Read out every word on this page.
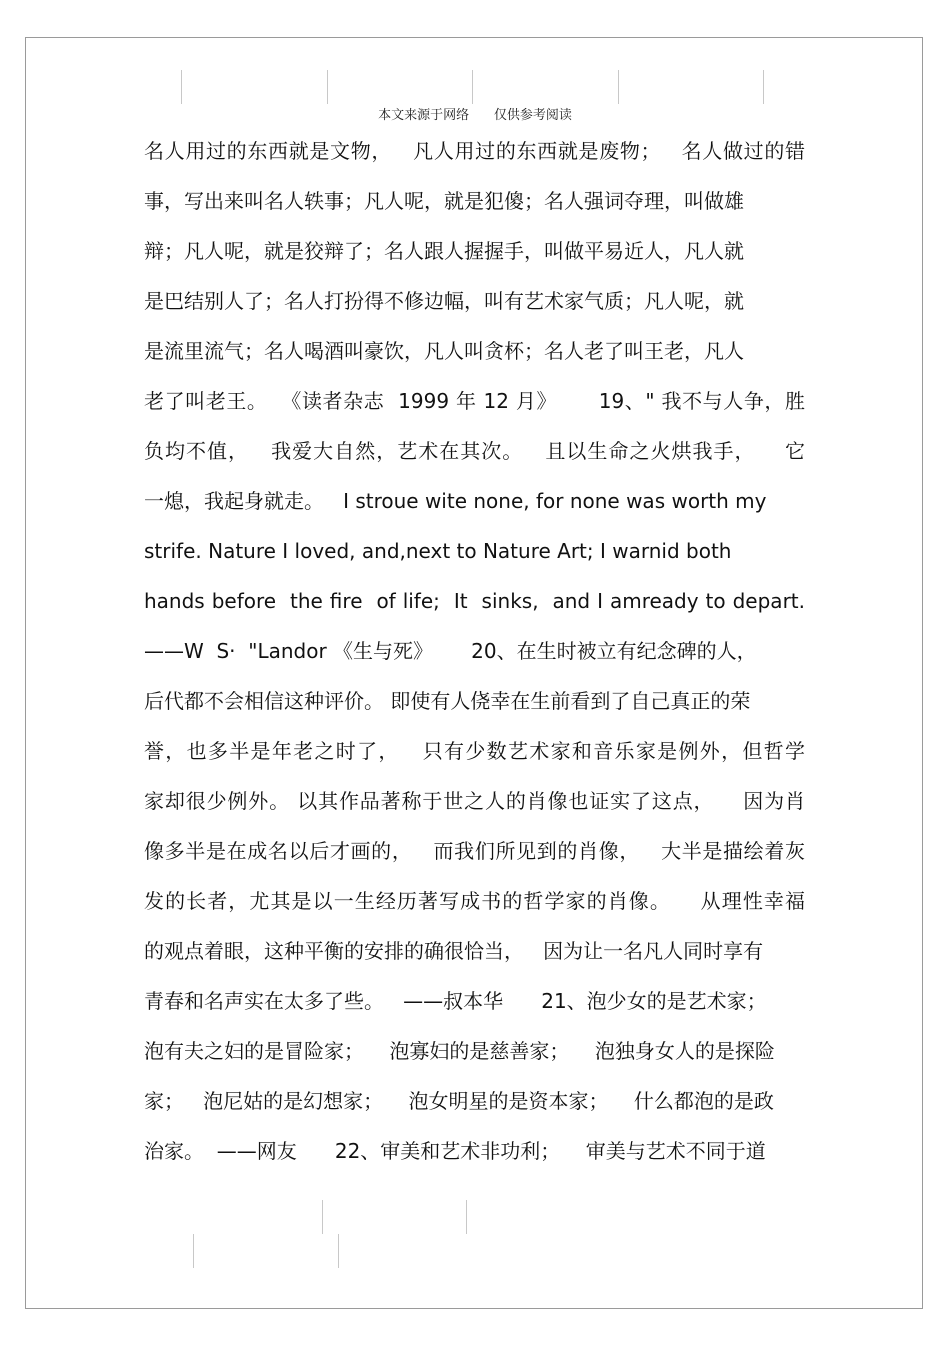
本文来源于网络      仅供参考阅读
名人用过的东西就是文物，   凡人用过的东西就是废物；   名人做过的错
事，写出来叫名人轶事；凡人呢，就是犯傻；名人强词夺理，叫做雄
辩；凡人呢，就是狡辩了；名人跟人握握手，叫做平易近人，凡人就
是巴结别人了；名人打扮得不修边幅，叫有艺术家气质；凡人呢，就
是流里流气；名人喝酒叫豪饮，凡人叫贪杯；名人老了叫王老，凡人
老了叫老王。  《读者杂志  1999 年 12 月》      19、" 我不与人争，胜
负均不值，   我爱大自然，艺术在其次。   且以生命之火烘我手，    它
一熄，我起身就走。   I stroue wite none, for none was worth my
strife. Nature I loved, and,next to Nature Art; I warnid both
hands before  the fire  of life;  It  sinks,  and I amready to depart.
——W  S·  "Landor 《生与死》      20、在生时被立有纪念碑的人，
后代都不会相信这种评价。 即使有人侥幸在生前看到了自己真正的荣
誉，也多半是年老之时了，   只有少数艺术家和音乐家是例外，但哲学
家却很少例外。 以其作品著称于世之人的肖像也证实了这点，    因为肖
像多半是在成名以后才画的，   而我们所见到的肖像，   大半是描绘着灰
发的长者，尤其是以一生经历著写成书的哲学家的肖像。    从理性幸福
的观点着眼，这种平衡的安排的确很恰当，   因为让一名凡人同时享有
青春和名声实在太多了些。   ——叔本华      21、泡少女的是艺术家；
泡有夫之妇的是冒险家；    泡寡妇的是慈善家；    泡独身女人的是探险
家；   泡尼姑的是幻想家；    泡女明星的是资本家；    什么都泡的是政
治家。  ——网友      22、审美和艺术非功利；    审美与艺术不同于道
